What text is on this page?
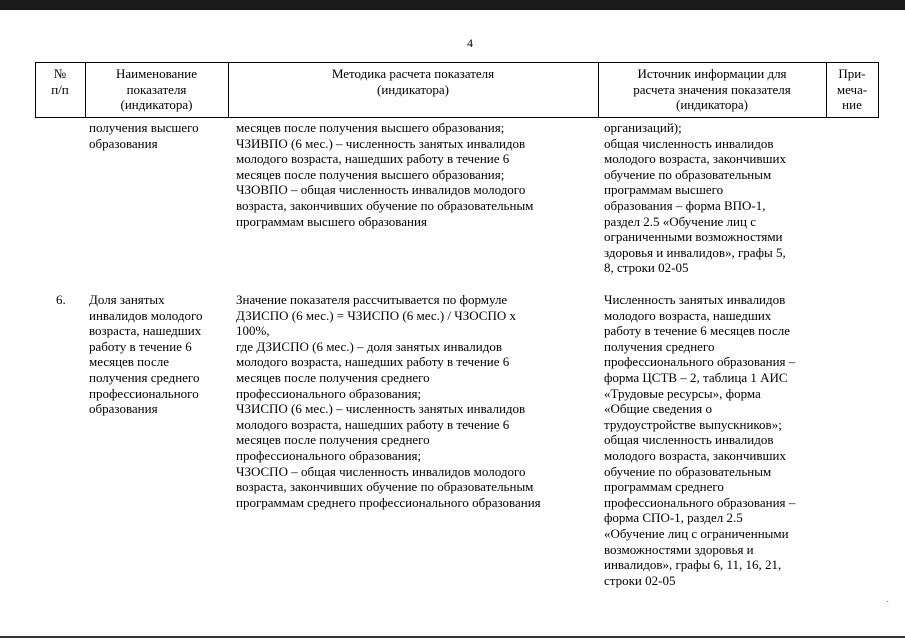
4
№
п/п
Наименование
показателя
(индикатора)
Методика расчета показателя
(индикатора)
Источник информации для
расчета значения показателя
(индикатора)
При-
меча-
ние
получения высшего
образования
месяцев после получения высшего образования;
ЧЗИВПО (6 мес.) – численность занятых инвалидов
молодого возраста, нашедших работу в течение 6
месяцев после получения высшего образования;
ЧЗОВПО – общая численность инвалидов молодого
возраста, закончивших обучение по образовательным
программам высшего образования
организаций);
общая численность инвалидов
молодого возраста, закончивших
обучение по образовательным
программам высшего
образования – форма ВПО-1,
раздел 2.5 «Обучение лиц с
ограниченными возможностями
здоровья и инвалидов», графы 5,
8, строки 02-05
6.	Доля занятых
инвалидов молодого
возраста, нашедших
работу в течение 6
месяцев после
получения среднего
профессионального
образования
Значение показателя рассчитывается по формуле
ДЗИСПО (6 мес.) = ЧЗИСПО (6 мес.) / ЧЗОСПО х
100%,
где ДЗИСПО (6 мес.) – доля занятых инвалидов
молодого возраста, нашедших работу в течение 6
месяцев после получения среднего
профессионального образования;
ЧЗИСПО (6 мес.) – численность занятых инвалидов
молодого возраста, нашедших работу в течение 6
месяцев после получения среднего
профессионального образования;
ЧЗОСПО – общая численность инвалидов молодого
возраста, закончивших обучение по образовательным
программам среднего профессионального образования
Численность занятых инвалидов
молодого возраста, нашедших
работу в течение 6 месяцев после
получения среднего
профессионального образования –
форма ЦСТВ – 2, таблица 1 АИС
«Трудовые ресурсы», форма
«Общие сведения о
трудоустройстве выпускников»;
общая численность инвалидов
молодого возраста, закончивших
обучение по образовательным
программам среднего
профессионального образования –
форма СПО-1, раздел 2.5
«Обучение лиц с ограниченными
возможностями здоровья и
инвалидов», графы 6, 11, 16, 21,
строки 02-05
˙
